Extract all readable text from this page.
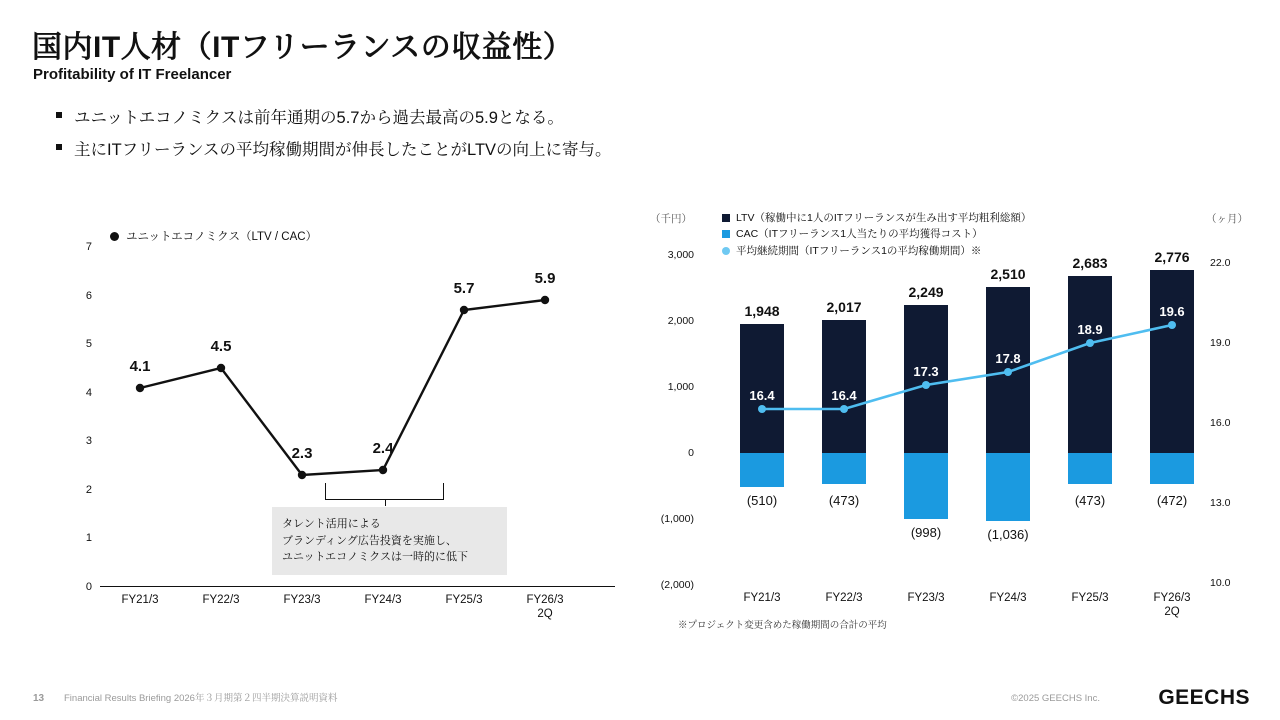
国内IT人材（ITフリーランスの収益性）
Profitability of IT Freelancer
ユニットエコノミクスは前年通期の5.7から過去最高の5.9となる。
主にITフリーランスの平均稼働期間が伸長したことがLTVの向上に寄与。
ユニットエコノミクス（LTV / CAC）
7
6
5
4
3
2
1
0
4.1
4.5
2.3	2.4
5.7
5.9
タレント活用による
ブランディング広告投資を実施し、
ユニットエコノミクスは一時的に低下
FY21/3	FY22/3	FY23/3	FY24/3	FY25/3	FY26/3
2Q
（千円）	（ヶ月）
LTV（稼働中に1人のITフリーランスが生み出す平均粗利総額）
CAC（ITフリーランス1人当たりの平均獲得コスト）
平均継続期間（ITフリーランス1の平均稼働期間）※
3,000
2,000
1,000
0
(1,000)
(2,000)
22.0
19.0
16.0
13.0
10.0
1,948	2,017
2,249
2,510
2,683	2,776
(510)	(473)
(998)	(1,036)
(473)	(472)
16.4	16.4
17.3
17.8
18.9
19.6
FY21/3	FY22/3	FY23/3	FY24/3	FY25/3	FY26/3
2Q
※プロジェクト変更含めた稼働期間の合計の平均
13 Financial Results Briefing 2026年３月期第２四半期決算説明資料	©2025 GEECHS Inc.	GEECHS
